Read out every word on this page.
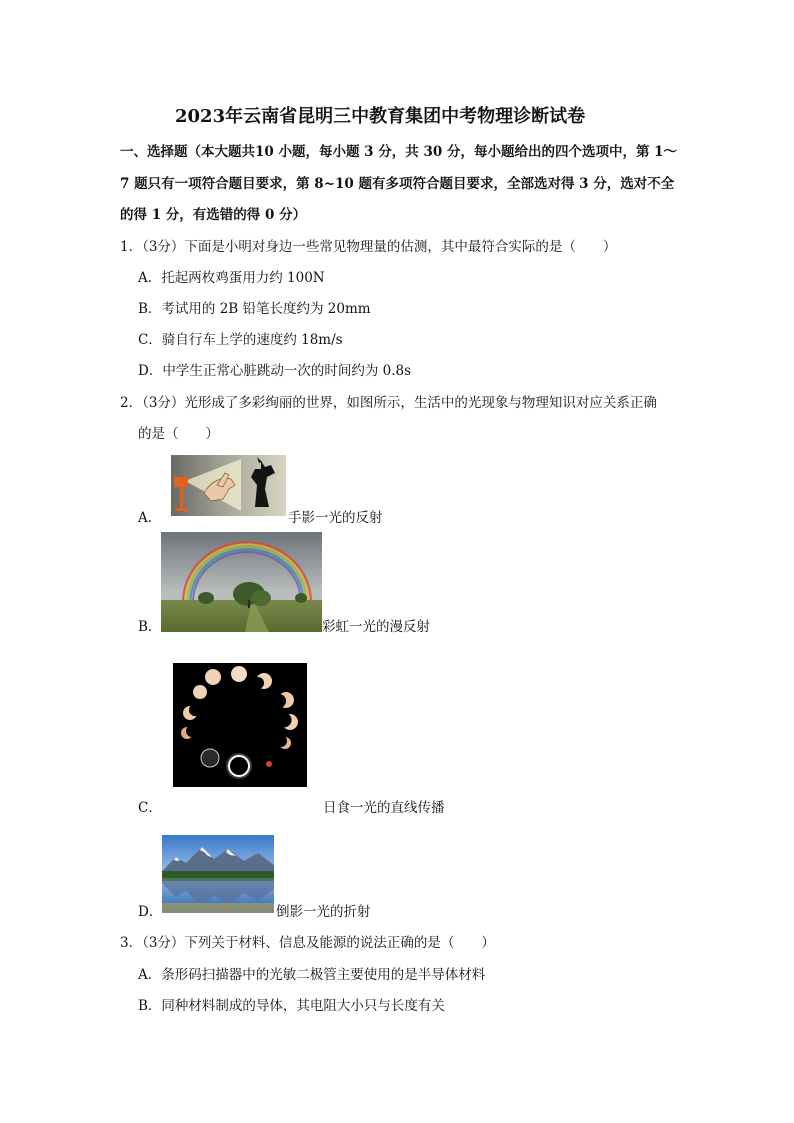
2023年云南省昆明三中教育集团中考物理诊断试卷
一、选择题（本大题共10 小题，每小题 3 分，共 30 分，每小题给出的四个选项中，第 1～
7 题只有一项符合题目要求，第 8~10 题有多项符合题目要求，全部选对得 3 分，选对不全
的得 1 分，有选错的得 0 分）
1．（3分）下面是小明对身边一些常见物理量的估测，其中最符合实际的是（　　）
A．托起两枚鸡蛋用力约 100N
B．考试用的 2B 铅笔长度约为 20mm
C．骑自行车上学的速度约 18m/s
D．中学生正常心脏跳动一次的时间约为 0.8s
2．（3分）光形成了多彩绚丽的世界，如图所示，生活中的光现象与物理知识对应关系正确
的是（　　）
A．	手影一光的反射
B．	彩虹一光的漫反射
C．	日食一光的直线传播
D．	倒影一光的折射
3．（3分）下列关于材料、信息及能源的说法正确的是（　　）
A．条形码扫描器中的光敏二极管主要使用的是半导体材料
B．同种材料制成的导体，其电阻大小只与长度有关
